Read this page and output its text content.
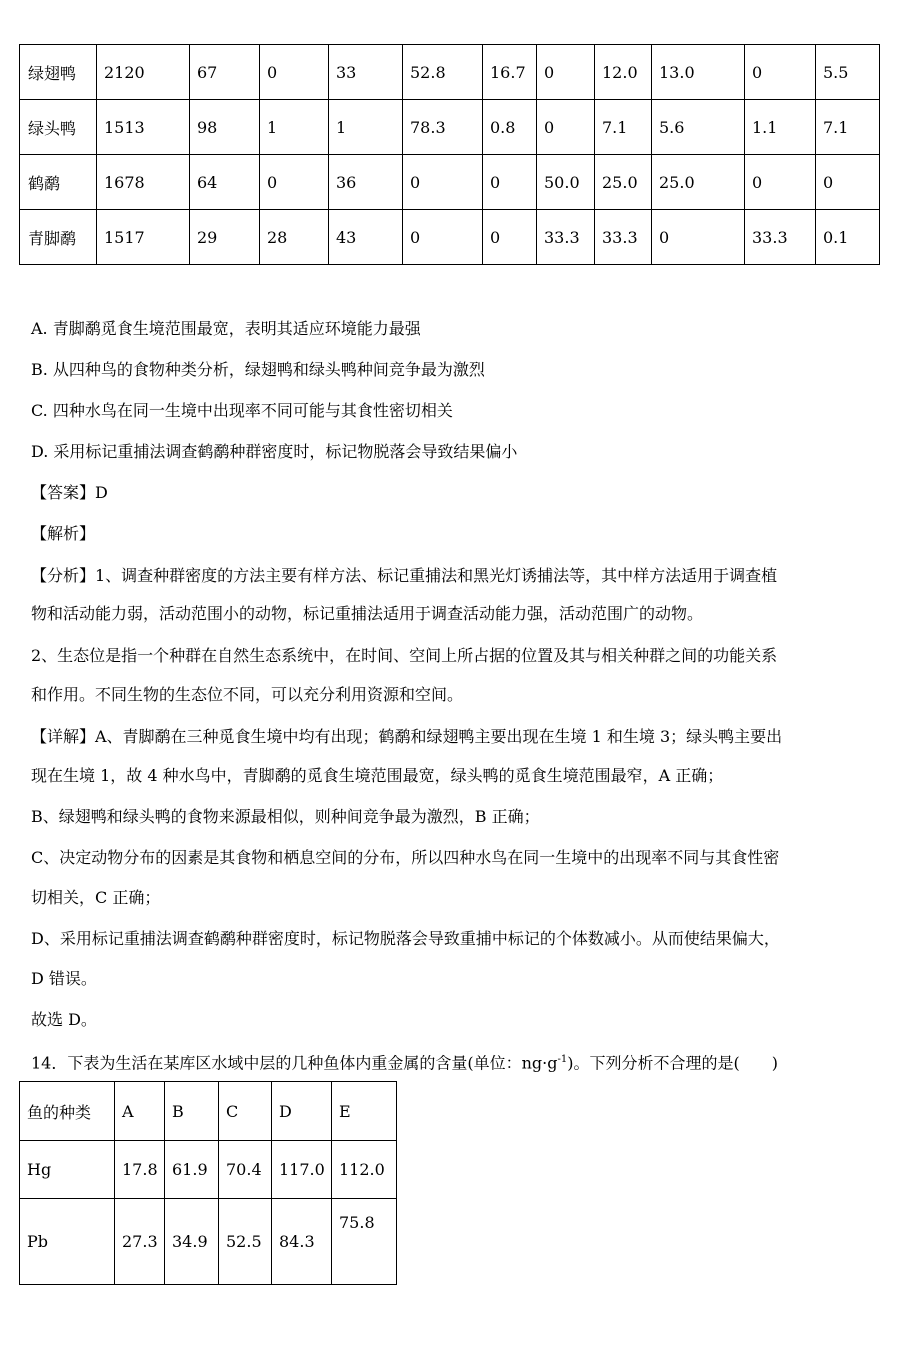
绿翅鸭	2120	67	0	33	52.8	16.7	0	12.0	13.0	0	5.5
绿头鸭	1513	98	1	1	78.3	0.8	0	7.1	5.6	1.1	7.1
鹤鹬	1678	64	0	36	0	0	50.0	25.0	25.0	0	0
青脚鹬	1517	29	28	43	0	0	33.3	33.3	0	33.3	0.1
A. 青脚鹬觅食生境范围最宽，表明其适应环境能力最强
B. 从四种鸟的食物种类分析，绿翅鸭和绿头鸭种间竞争最为激烈
C. 四种水鸟在同一生境中出现率不同可能与其食性密切相关
D. 采用标记重捕法调查鹤鹬种群密度时，标记物脱落会导致结果偏小
【答案】D
【解析】
【分析】1、调查种群密度的方法主要有样方法、标记重捕法和黑光灯诱捕法等，其中样方法适用于调查植
物和活动能力弱，活动范围小的动物，标记重捕法适用于调查活动能力强，活动范围广的动物。
2、生态位是指一个种群在自然生态系统中，在时间、空间上所占据的位置及其与相关种群之间的功能关系
和作用。不同生物的生态位不同，可以充分利用资源和空间。
【详解】A、青脚鹬在三种觅食生境中均有出现；鹤鹬和绿翅鸭主要出现在生境 1 和生境 3；绿头鸭主要出
现在生境 1，故 4 种水鸟中，青脚鹬的觅食生境范围最宽，绿头鸭的觅食生境范围最窄，A 正确；
B、绿翅鸭和绿头鸭的食物来源最相似，则种间竞争最为激烈，B 正确；
C、决定动物分布的因素是其食物和栖息空间的分布，所以四种水鸟在同一生境中的出现率不同与其食性密
切相关，C 正确；
D、采用标记重捕法调查鹤鹬种群密度时，标记物脱落会导致重捕中标记的个体数减小。从而使结果偏大，
D 错误。
故选 D。
14．下表为生活在某库区水域中层的几种鱼体内重金属的含量(单位：$ng\cdot g^{-1}$)。下列分析不合理的是(　　)
鱼的种类	A	B	C	D	E
Hg	17.8	61.9	70.4	117.0	112.0
Pb	27.3	34.9	52.5	84.3	75.8
